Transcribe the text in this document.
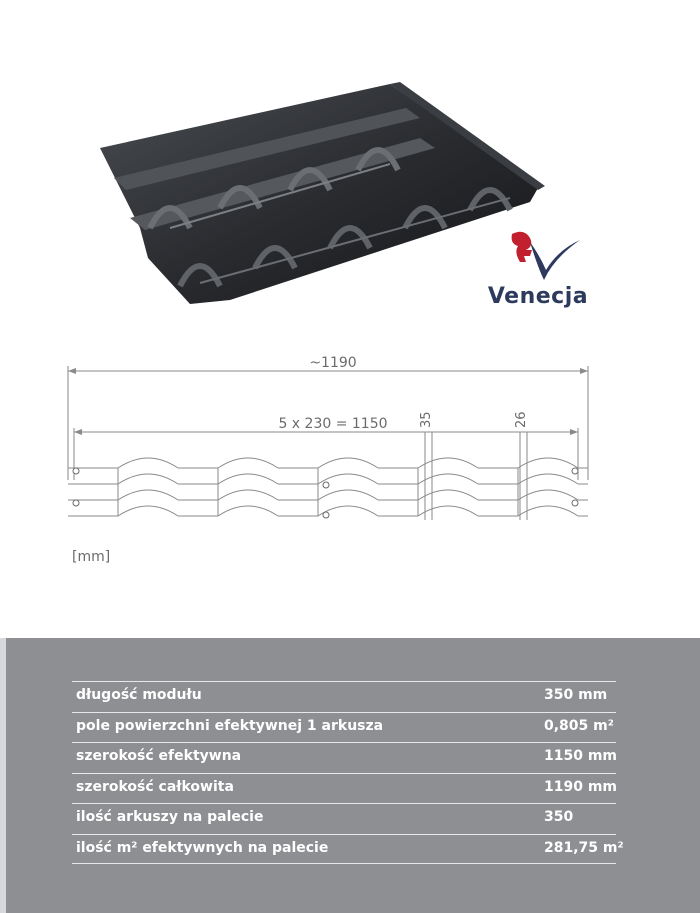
Venecja
~1190
5 x 230 = 1150 35	26
[mm]
długość modułu	350 mm
pole powierzchni efektywnej 1 arkusza	0,805 m²
szerokość efektywna	1150 mm
szerokość całkowita	1190 mm
ilość arkuszy na palecie	350
ilość m² efektywnych na palecie	281,75 m²
